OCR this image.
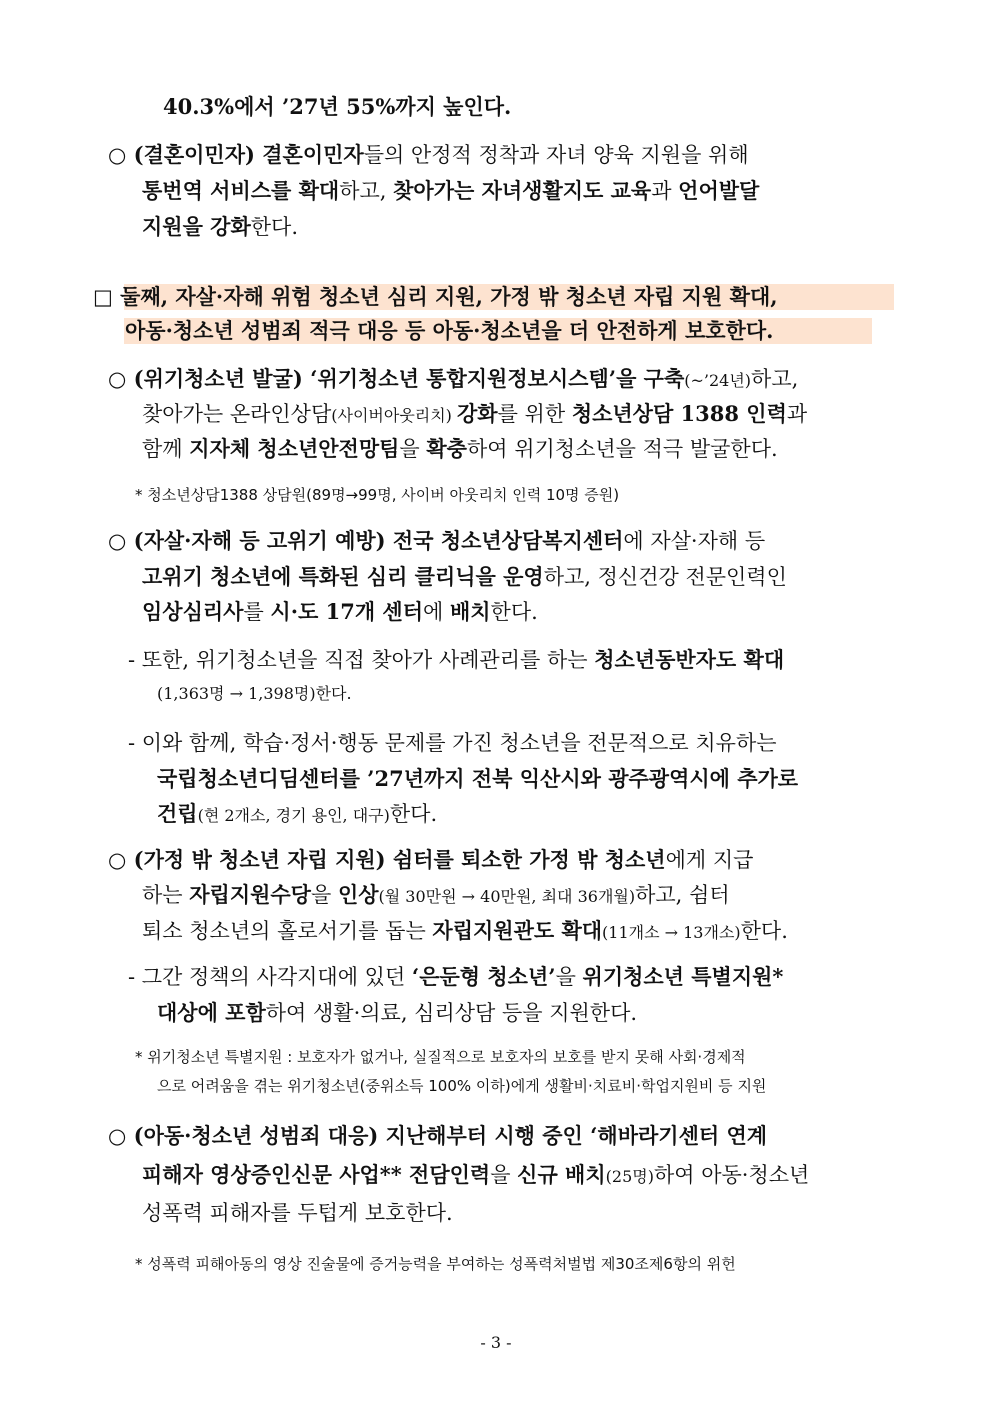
40.3%에서 ’27년 55%까지 높인다.
○ (결혼이민자) 결혼이민자들의 안정적 정착과 자녀 양육 지원을 위해
통번역 서비스를 확대하고, 찾아가는 자녀생활지도 교육과 언어발달
지원을 강화한다.
□ 둘째, 자살·자해 위험 청소년 심리 지원, 가정 밖 청소년 자립 지원 확대,
아동·청소년 성범죄 적극 대응 등 아동·청소년을 더 안전하게 보호한다.
○ (위기청소년 발굴) ‘위기청소년 통합지원정보시스템’을 구축(~’24년)하고,
찾아가는 온라인상담(사이버아웃리치) 강화를 위한 청소년상담 1388 인력과
함께 지자체 청소년안전망팀을 확충하여 위기청소년을 적극 발굴한다.
* 청소년상담1388 상담원(89명→99명, 사이버 아웃리치 인력 10명 증원)
○ (자살·자해 등 고위기 예방) 전국 청소년상담복지센터에 자살·자해 등
고위기 청소년에 특화된 심리 클리닉을 운영하고, 정신건강 전문인력인
임상심리사를 시·도 17개 센터에 배치한다.
- 또한, 위기청소년을 직접 찾아가 사례관리를 하는 청소년동반자도 확대
(1,363명 → 1,398명)한다.
- 이와 함께, 학습·정서·행동 문제를 가진 청소년을 전문적으로 치유하는
국립청소년디딤센터를 ’27년까지 전북 익산시와 광주광역시에 추가로
건립(현 2개소, 경기 용인, 대구)한다.
○ (가정 밖 청소년 자립 지원) 쉼터를 퇴소한 가정 밖 청소년에게 지급
하는 자립지원수당을 인상(월 30만원 → 40만원, 최대 36개월)하고, 쉼터
퇴소 청소년의 홀로서기를 돕는 자립지원관도 확대(11개소 → 13개소)한다.
- 그간 정책의 사각지대에 있던 ‘은둔형 청소년’을 위기청소년 특별지원*
대상에 포함하여 생활·의료, 심리상담 등을 지원한다.
* 위기청소년 특별지원 : 보호자가 없거나, 실질적으로 보호자의 보호를 받지 못해 사회·경제적
으로 어려움을 겪는 위기청소년(중위소득 100% 이하)에게 생활비·치료비·학업지원비 등 지원
○ (아동·청소년 성범죄 대응) 지난해부터 시행 중인 ‘해바라기센터 연계
피해자 영상증인신문 사업** 전담인력을 신규 배치(25명)하여 아동·청소년
성폭력 피해자를 두텁게 보호한다.
* 성폭력 피해아동의 영상 진술물에 증거능력을 부여하는 성폭력처벌법 제30조제6항의 위헌
- 3 -
